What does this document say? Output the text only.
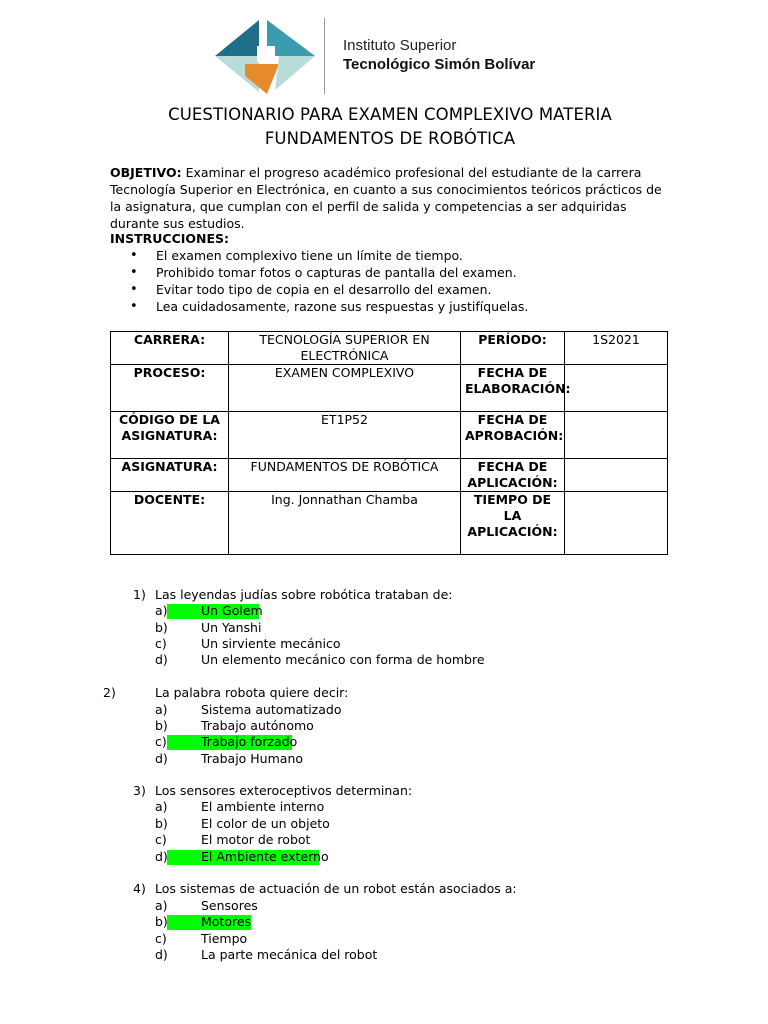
Instituto Superior
Tecnológico Simón Bolívar
CUESTIONARIO PARA EXAMEN COMPLEXIVO MATERIA
FUNDAMENTOS DE ROBÓTICA
OBJETIVO: Examinar el progreso académico profesional del estudiante de la carrera Tecnología Superior en Electrónica, en cuanto a sus conocimientos teóricos prácticos de la asignatura, que cumplan con el perfil de salida y competencias a ser adquiridas durante sus estudios.
INSTRUCCIONES:
• El examen complexivo tiene un límite de tiempo.
• Prohibido tomar fotos o capturas de pantalla del examen.
• Evitar todo tipo de copia en el desarrollo del examen.
• Lea cuidadosamente, razone sus respuestas y justifíquelas.
CARRERA:	TECNOLOGÍA SUPERIOR EN ELECTRÓNICA	PERÍODO:	1S2021
PROCESO:	EXAMEN COMPLEXIVO	FECHA DE ELABORACIÓN:	
CÓDIGO DE LA ASIGNATURA:	ET1P52	FECHA DE APROBACIÓN:	
ASIGNATURA:	FUNDAMENTOS DE ROBÓTICA	FECHA DE APLICACIÓN:	
DOCENTE:	Ing. Jonnathan Chamba	TIEMPO DE LA APLICACIÓN:	
1) Las leyendas judías sobre robótica trataban de:
a)	Un Golem
b)	Un Yanshi
c)	Un sirviente mecánico
d)	Un elemento mecánico con forma de hombre
2)	La palabra robota quiere decir:
a)	Sistema automatizado
b)	Trabajo autónomo
c)	Trabajo forzado
d)	Trabajo Humano
3) Los sensores exteroceptivos determinan:
a)	El ambiente interno
b)	El color de un objeto
c)	El motor de robot
d)	El Ambiente externo
4) Los sistemas de actuación de un robot están asociados a:
a)	Sensores
b)	Motores
c)	Tiempo
d)	La parte mecánica del robot
